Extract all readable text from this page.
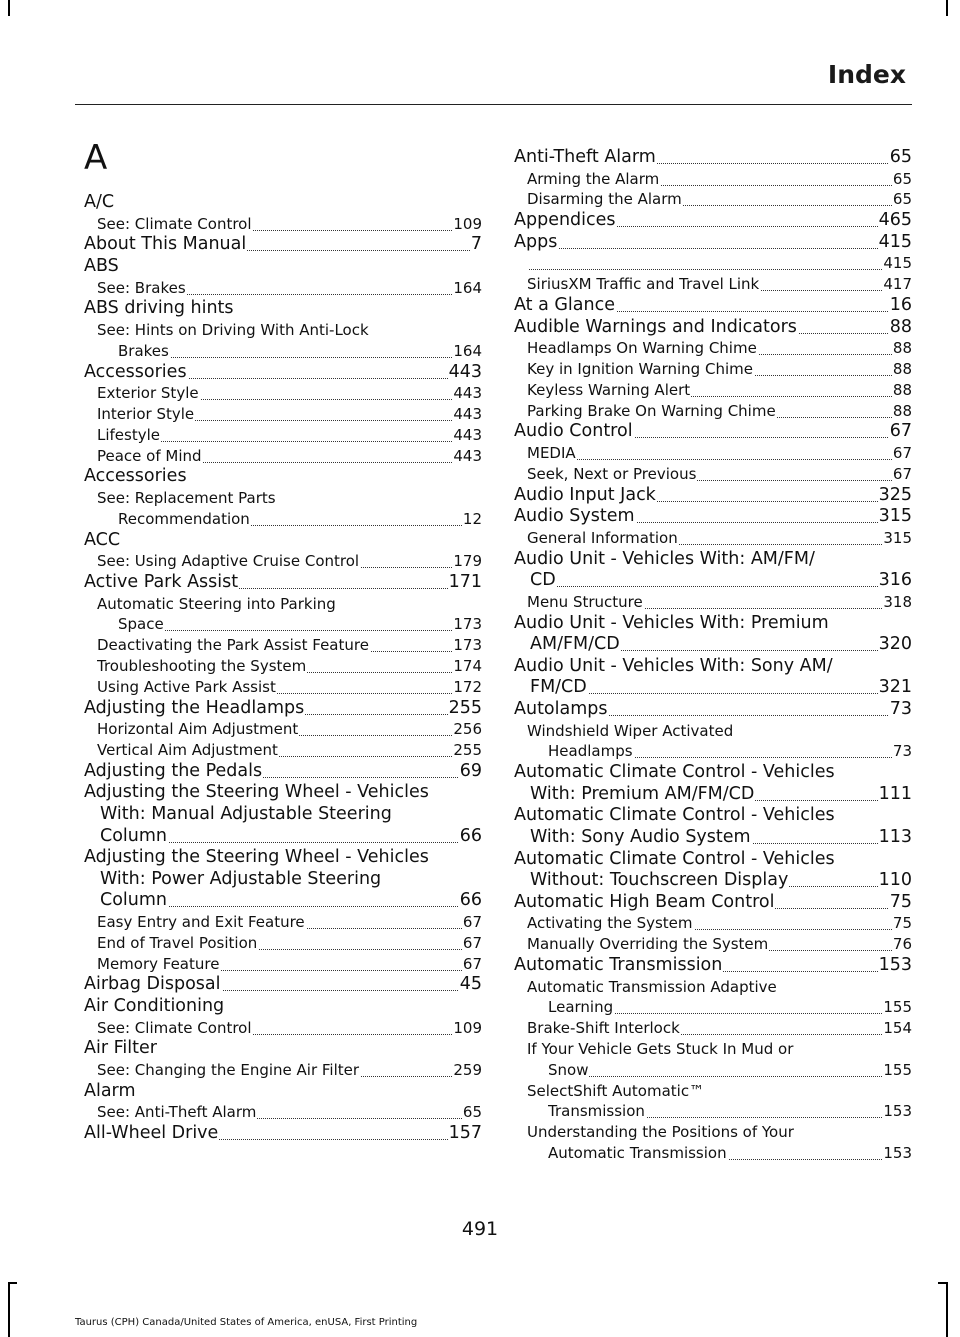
Index
A
A/C
See: Climate Control	109
About This Manual	7
ABS
See: Brakes	164
ABS driving hints
See: Hints on Driving With Anti-Lock
Brakes	164
Accessories	443
Exterior Style	443
Interior Style	443
Lifestyle	443
Peace of Mind	443
Accessories
See: Replacement Parts
Recommendation	12
ACC
See: Using Adaptive Cruise Control	179
Active Park Assist	171
Automatic Steering into Parking
Space	173
Deactivating the Park Assist Feature	173
Troubleshooting the System	174
Using Active Park Assist	172
Adjusting the Headlamps	255
Horizontal Aim Adjustment	256
Vertical Aim Adjustment	255
Adjusting the Pedals	69
Adjusting the Steering Wheel - Vehicles
With: Manual Adjustable Steering
Column	66
Adjusting the Steering Wheel - Vehicles
With: Power Adjustable Steering
Column	66
Easy Entry and Exit Feature	67
End of Travel Position	67
Memory Feature	67
Airbag Disposal	45
Air Conditioning
See: Climate Control	109
Air Filter
See: Changing the Engine Air Filter	259
Alarm
See: Anti-Theft Alarm	65
All-Wheel Drive	157
Anti-Theft Alarm	65
Arming the Alarm	65
Disarming the Alarm	65
Appendices	465
Apps	415
415
SiriusXM Traffic and Travel Link	417
At a Glance	16
Audible Warnings and Indicators	88
Headlamps On Warning Chime	88
Key in Ignition Warning Chime	88
Keyless Warning Alert	88
Parking Brake On Warning Chime	88
Audio Control	67
MEDIA	67
Seek, Next or Previous	67
Audio Input Jack	325
Audio System	315
General Information	315
Audio Unit - Vehicles With: AM/FM/
CD	316
Menu Structure	318
Audio Unit - Vehicles With: Premium
AM/FM/CD	320
Audio Unit - Vehicles With: Sony AM/
FM/CD	321
Autolamps	73
Windshield Wiper Activated
Headlamps	73
Automatic Climate Control - Vehicles
With: Premium AM/FM/CD	111
Automatic Climate Control - Vehicles
With: Sony Audio System	113
Automatic Climate Control - Vehicles
Without: Touchscreen Display	110
Automatic High Beam Control	75
Activating the System	75
Manually Overriding the System	76
Automatic Transmission	153
Automatic Transmission Adaptive
Learning	155
Brake-Shift Interlock	154
If Your Vehicle Gets Stuck In Mud or
Snow	155
SelectShift Automatic™
Transmission	153
Understanding the Positions of Your
Automatic Transmission	153
491
Taurus (CPH) Canada/United States of America, enUSA, First Printing
